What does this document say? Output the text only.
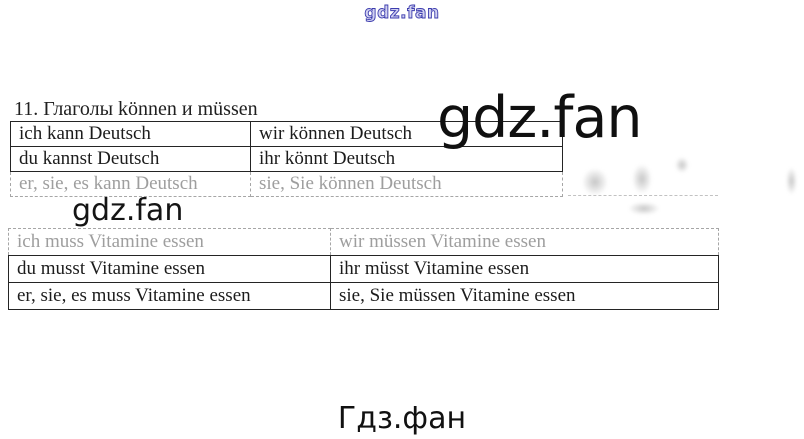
gdz.fan
11. Глаголы können и müssen
ich kann Deutsch	wir können Deutsch
du kannst Deutsch	ihr könnt Deutsch
er, sie, es kann Deutsch	sie, Sie können Deutsch
gdz.fan
gdz.fan
ich muss Vitamine essen	wir müssen Vitamine essen
du musst Vitamine essen	ihr müsst Vitamine essen
er, sie, es muss Vitamine essen	sie, Sie müssen Vitamine essen
Гдз.фан
